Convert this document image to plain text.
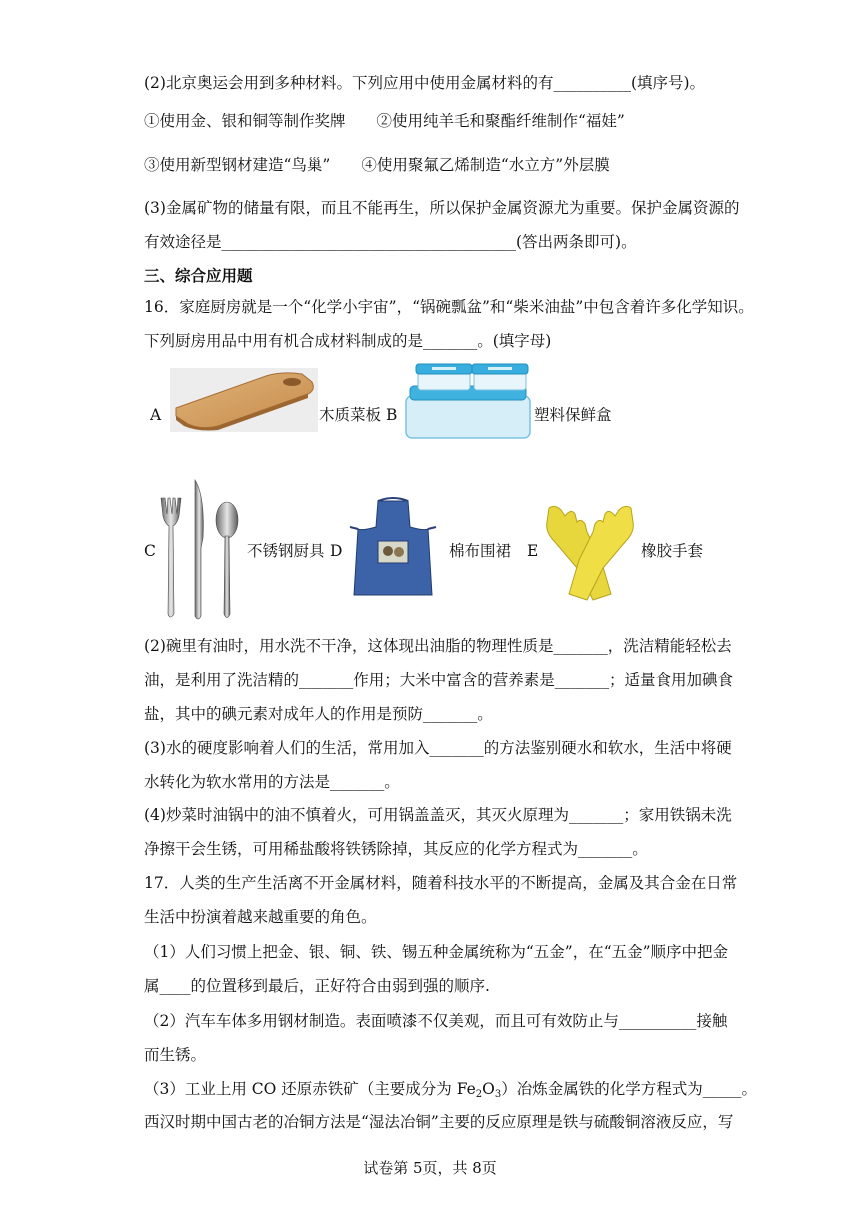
(2)北京奥运会用到多种材料。下列应用中使用金属材料的有__________(填序号)。
①使用金、银和铜等制作奖牌　　②使用纯羊毛和聚酯纤维制作“福娃”
③使用新型钢材建造“鸟巢”　　④使用聚氟乙烯制造“水立方”外层膜
(3)金属矿物的储量有限，而且不能再生，所以保护金属资源尤为重要。保护金属资源的
有效途径是______________________________________(答出两条即可)。
三、综合应用题
16．家庭厨房就是一个“化学小宇宙”，“锅碗瓢盆”和“柴米油盐”中包含着许多化学知识。
下列厨房用品中用有机合成材料制成的是_______。(填字母)
A	木质菜板 B	塑料保鲜盒
C	不锈钢厨具 D	棉布围裙 E	橡胶手套
(2)碗里有油时，用水洗不干净，这体现出油脂的物理性质是_______，洗洁精能轻松去
油，是利用了洗洁精的_______作用；大米中富含的营养素是_______；适量食用加碘食
盐，其中的碘元素对成年人的作用是预防_______。
(3)水的硬度影响着人们的生活，常用加入_______的方法鉴别硬水和软水，生活中将硬
水转化为软水常用的方法是_______。
(4)炒菜时油锅中的油不慎着火，可用锅盖盖灭，其灭火原理为_______；家用铁锅未洗
净擦干会生锈，可用稀盐酸将铁锈除掉，其反应的化学方程式为_______。
17．人类的生产生活离不开金属材料，随着科技水平的不断提高，金属及其合金在日常
生活中扮演着越来越重要的角色。
（1）人们习惯上把金、银、铜、铁、锡五种金属统称为“五金”，在“五金”顺序中把金
属____的位置移到最后，正好符合由弱到强的顺序.
（2）汽车车体多用钢材制造。表面喷漆不仅美观，而且可有效防止与__________接触
而生锈。
（3）工业上用 CO 还原赤铁矿（主要成分为 $Fe_2O_3$）冶炼金属铁的化学方程式为_____。
西汉时期中国古老的冶铜方法是“湿法冶铜”主要的反应原理是铁与硫酸铜溶液反应，写
试卷第 5页，共 8页
